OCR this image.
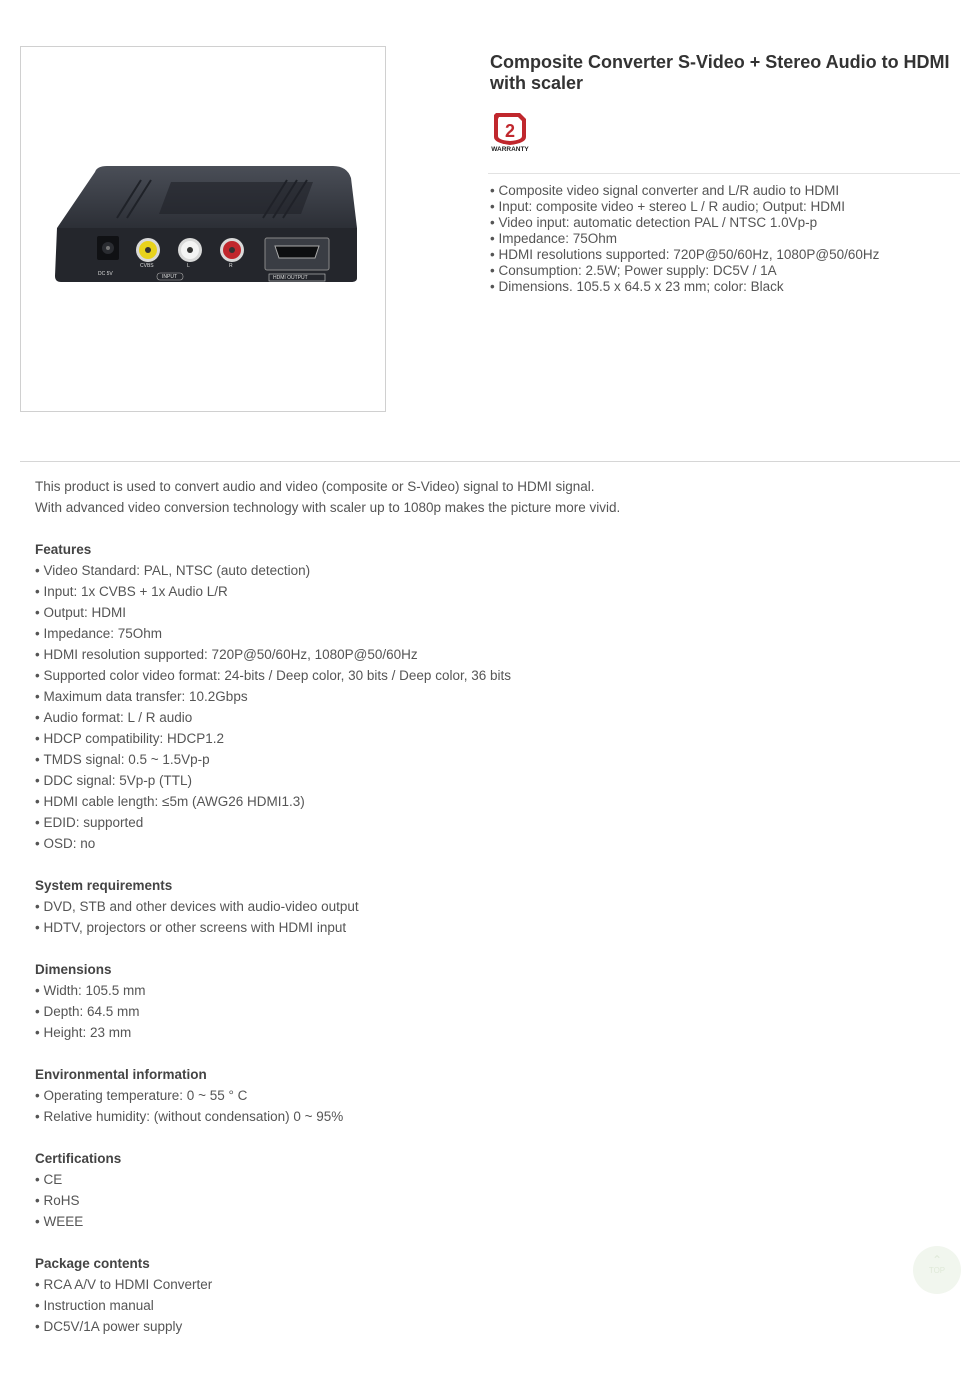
DC 5V
CVBS
INPUT
L	R
HDMI OUTPUT
Composite Converter S-Video + Stereo Audio to HDMI with scaler
2
WARRANTY
• Composite video signal converter and L/R audio to HDMI
• Input: composite video + stereo L / R audio; Output: HDMI
• Video input: automatic detection PAL / NTSC 1.0Vp-p
• Impedance: 75Ohm
• HDMI resolutions supported: 720P@50/60Hz, 1080P@50/60Hz
• Consumption: 2.5W; Power supply: DC5V / 1A
• Dimensions. 105.5 x 64.5 x 23 mm; color: Black

This product is used to convert audio and video (composite or S-Video) signal to HDMI signal.

With advanced video conversion technology with scaler up to 1080p makes the picture more vivid.

Features
• Video Standard: PAL, NTSC (auto detection)
• Input: 1x CVBS + 1x Audio L/R
• Output: HDMI
• Impedance: 75Ohm
• HDMI resolution supported: 720P@50/60Hz, 1080P@50/60Hz
• Supported color video format: 24-bits / Deep color, 30 bits / Deep color, 36 bits
• Maximum data transfer: 10.2Gbps
• Audio format: L / R audio
• HDCP compatibility: HDCP1.2
• TMDS signal: 0.5 ~ 1.5Vp-p
• DDC signal: 5Vp-p (TTL)
• HDMI cable length: ≤5m (AWG26 HDMI1.3)
• EDID: supported
• OSD: no
System requirements
• DVD, STB and other devices with audio-video output
• HDTV, projectors or other screens with HDMI input
Dimensions
• Width: 105.5 mm
• Depth: 64.5 mm
• Height: 23 mm
Environmental information
• Operating temperature: 0 ~ 55 ° C
• Relative humidity: (without condensation) 0 ~ 95%
Certifications
• CE
• RoHS
• WEEE
Package contents
• RCA A/V to HDMI Converter
• Instruction manual
• DC5V/1A power supply
⌃
TOP
